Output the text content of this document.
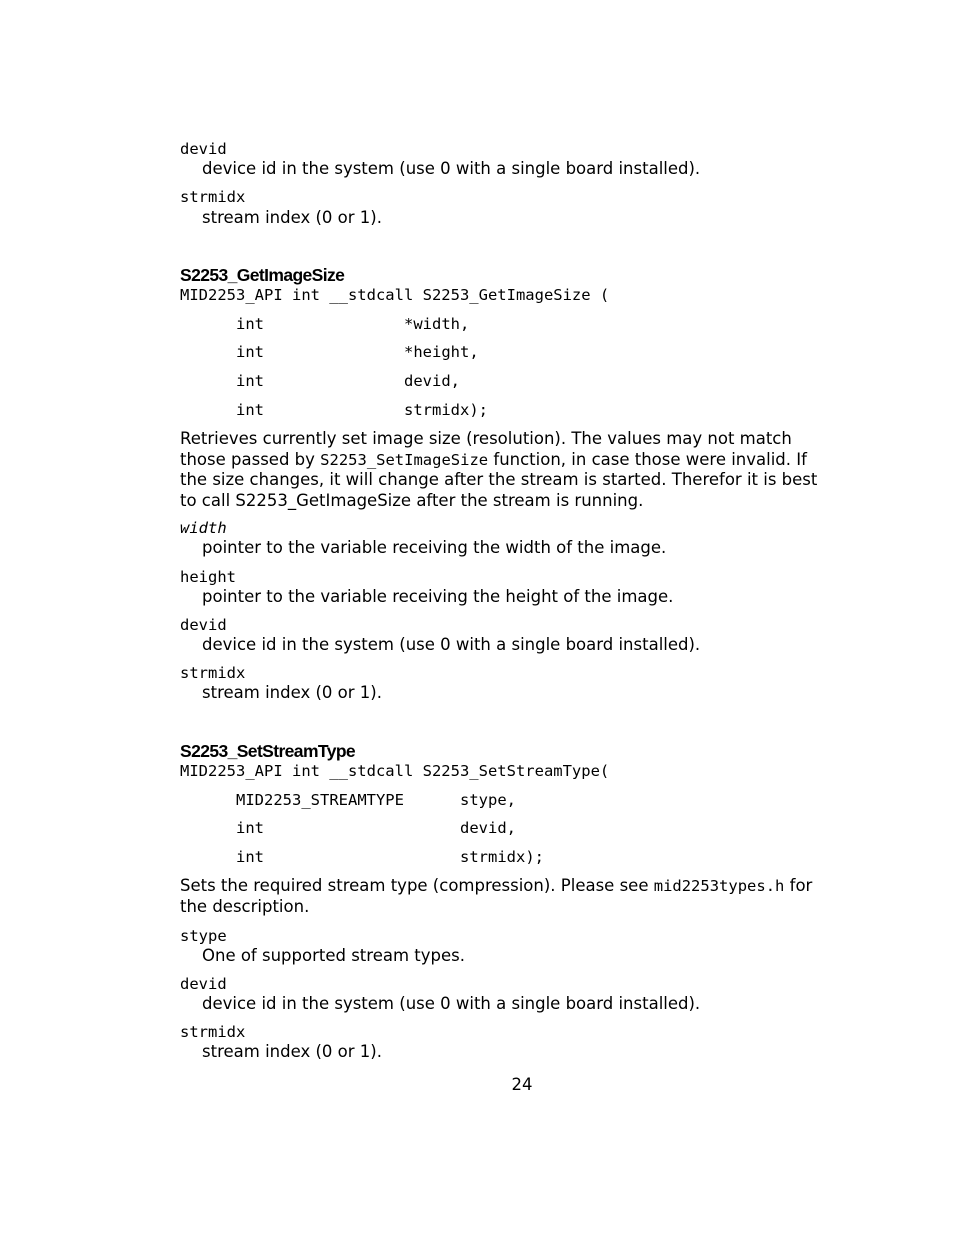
devid
device id in the system (use 0 with a single board installed).
strmidx
stream index (0 or 1).
S2253_GetImageSize
MID2253_API int __stdcall S2253_GetImageSize (
int	*width,
int	*height,
int	devid,
int	strmidx);
Retrieves currently set image size (resolution). The values may not match
those passed by S2253_SetImageSize function, in case those were invalid. If
the size changes, it will change after the stream is started. Therefor it is best
to call S2253_GetImageSize after the stream is running.
width
pointer to the variable receiving the width of the image.
height
pointer to the variable receiving the height of the image.
devid
device id in the system (use 0 with a single board installed).
strmidx
stream index (0 or 1).
S2253_SetStreamType
MID2253_API int __stdcall S2253_SetStreamType(
MID2253_STREAMTYPE	stype,
int	devid,
int	strmidx);
Sets the required stream type (compression). Please see mid2253types.h for
the description.
stype
One of supported stream types.
devid
device id in the system (use 0 with a single board installed).
strmidx
stream index (0 or 1).
24
